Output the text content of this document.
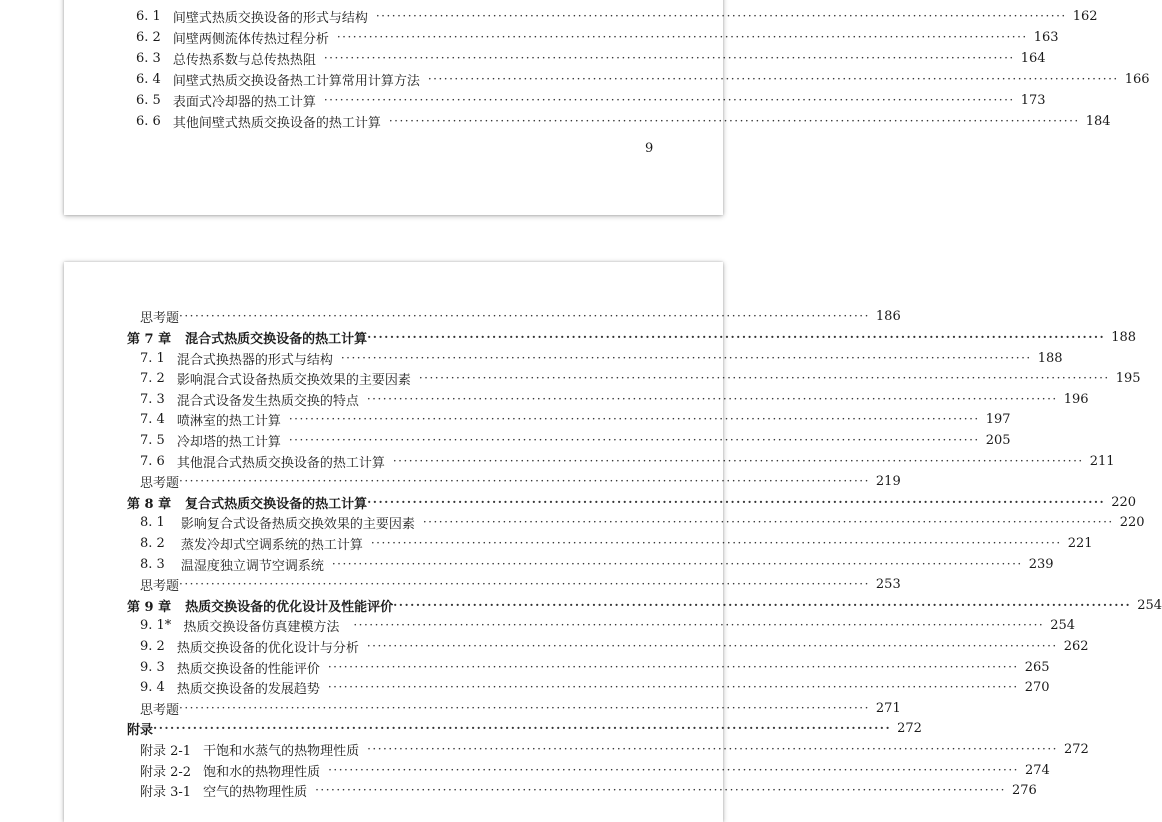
6. 1 间壁式热质交换设备的形式与结构 ·································································································································· 162
6. 2 间壁两侧流体传热过程分析 ·································································································································· 163
6. 3 总传热系数与总传热热阻 ·································································································································· 164
6. 4 间壁式热质交换设备热工计算常用计算方法 ·································································································································· 166
6. 5 表面式冷却器的热工计算 ·································································································································· 173
6. 6 其他间壁式热质交换设备的热工计算 ·································································································································· 184
9
思考题 ·································································································································· 186
第 7 章 混合式热质交换设备的热工计算 ·································································································································· 188
7. 1 混合式换热器的形式与结构 ·································································································································· 188
7. 2 影响混合式设备热质交换效果的主要因素 ·································································································································· 195
7. 3 混合式设备发生热质交换的特点 ·································································································································· 196
7. 4 喷淋室的热工计算 ·································································································································· 197
7. 5 冷却塔的热工计算 ·································································································································· 205
7. 6 其他混合式热质交换设备的热工计算 ·································································································································· 211
思考题 ·································································································································· 219
第 8 章 复合式热质交换设备的热工计算 ·································································································································· 220
8. 1 影响复合式设备热质交换效果的主要因素 ·································································································································· 220
8. 2 蒸发冷却式空调系统的热工计算 ·································································································································· 221
8. 3 温湿度独立调节空调系统 ·································································································································· 239
思考题 ·································································································································· 253
第 9 章 热质交换设备的优化设计及性能评价 ·································································································································· 254
9. 1* 热质交换设备仿真建模方法 ·································································································································· 254
9. 2 热质交换设备的优化设计与分析 ·································································································································· 262
9. 3 热质交换设备的性能评价 ·································································································································· 265
9. 4 热质交换设备的发展趋势 ·································································································································· 270
思考题 ·································································································································· 271
附录 ·································································································································· 272
附录 2-1 干饱和水蒸气的热物理性质 ·································································································································· 272
附录 2-2 饱和水的热物理性质 ·································································································································· 274
附录 3-1 空气的热物理性质 ·································································································································· 276
